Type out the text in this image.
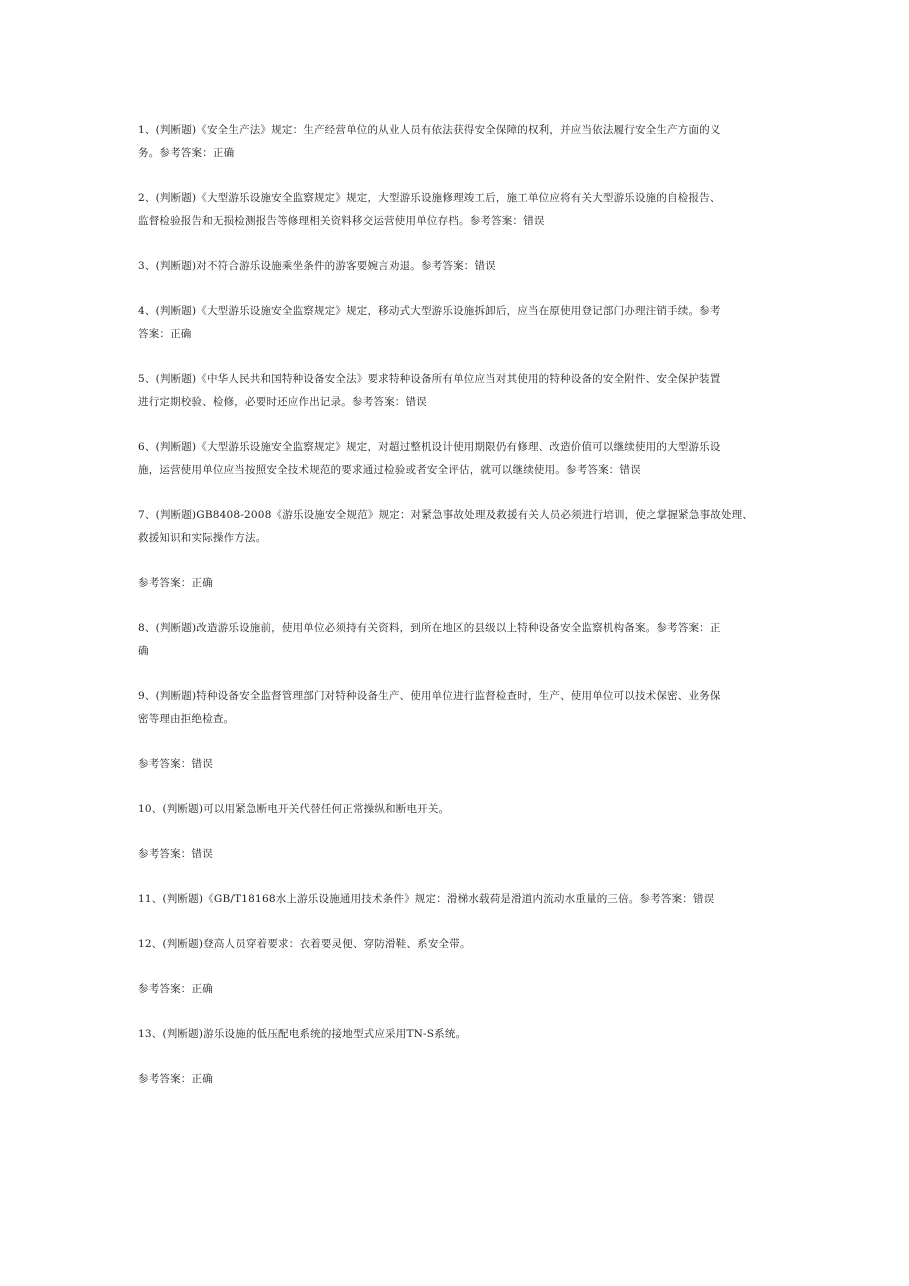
1、(判断题)《安全生产法》规定：生产经营单位的从业人员有依法获得安全保障的权利，并应当依法履行安全生产方面的义
务。参考答案：正确
2、(判断题)《大型游乐设施安全监察规定》规定，大型游乐设施修理竣工后，施工单位应将有关大型游乐设施的自检报告、
监督检验报告和无损检测报告等修理相关资料移交运营使用单位存档。参考答案：错误
3、(判断题)对不符合游乐设施乘坐条件的游客要婉言劝退。参考答案：错误
4、(判断题)《大型游乐设施安全监察规定》规定，移动式大型游乐设施拆卸后，应当在原使用登记部门办理注销手续。参考
答案：正确
5、(判断题)《中华人民共和国特种设备安全法》要求特种设备所有单位应当对其使用的特种设备的安全附件、安全保护装置
进行定期校验、检修，必要时还应作出记录。参考答案：错误
6、(判断题)《大型游乐设施安全监察规定》规定，对超过整机设计使用期限仍有修理、改造价值可以继续使用的大型游乐设
施，运营使用单位应当按照安全技术规范的要求通过检验或者安全评估，就可以继续使用。参考答案：错误
7、(判断题)GB8408-2008《游乐设施安全规范》规定：对紧急事故处理及救援有关人员必须进行培训，使之掌握紧急事故处理、
救援知识和实际操作方法。
参考答案：正确
8、(判断题)改造游乐设施前，使用单位必须持有关资料，到所在地区的县级以上特种设备安全监察机构备案。参考答案：正
确
9、(判断题)特种设备安全监督管理部门对特种设备生产、使用单位进行监督检查时，生产、使用单位可以技术保密、业务保
密等理由拒绝检查。
参考答案：错误
10、(判断题)可以用紧急断电开关代替任何正常操纵和断电开关。
参考答案：错误
11、(判断题)《GB/T18168水上游乐设施通用技术条件》规定：滑梯水载荷是滑道内流动水重量的三倍。参考答案：错误
12、(判断题)登高人员穿着要求：衣着要灵便、穿防滑鞋、系安全带。
参考答案：正确
13、(判断题)游乐设施的低压配电系统的接地型式应采用TN-S系统。
参考答案：正确
